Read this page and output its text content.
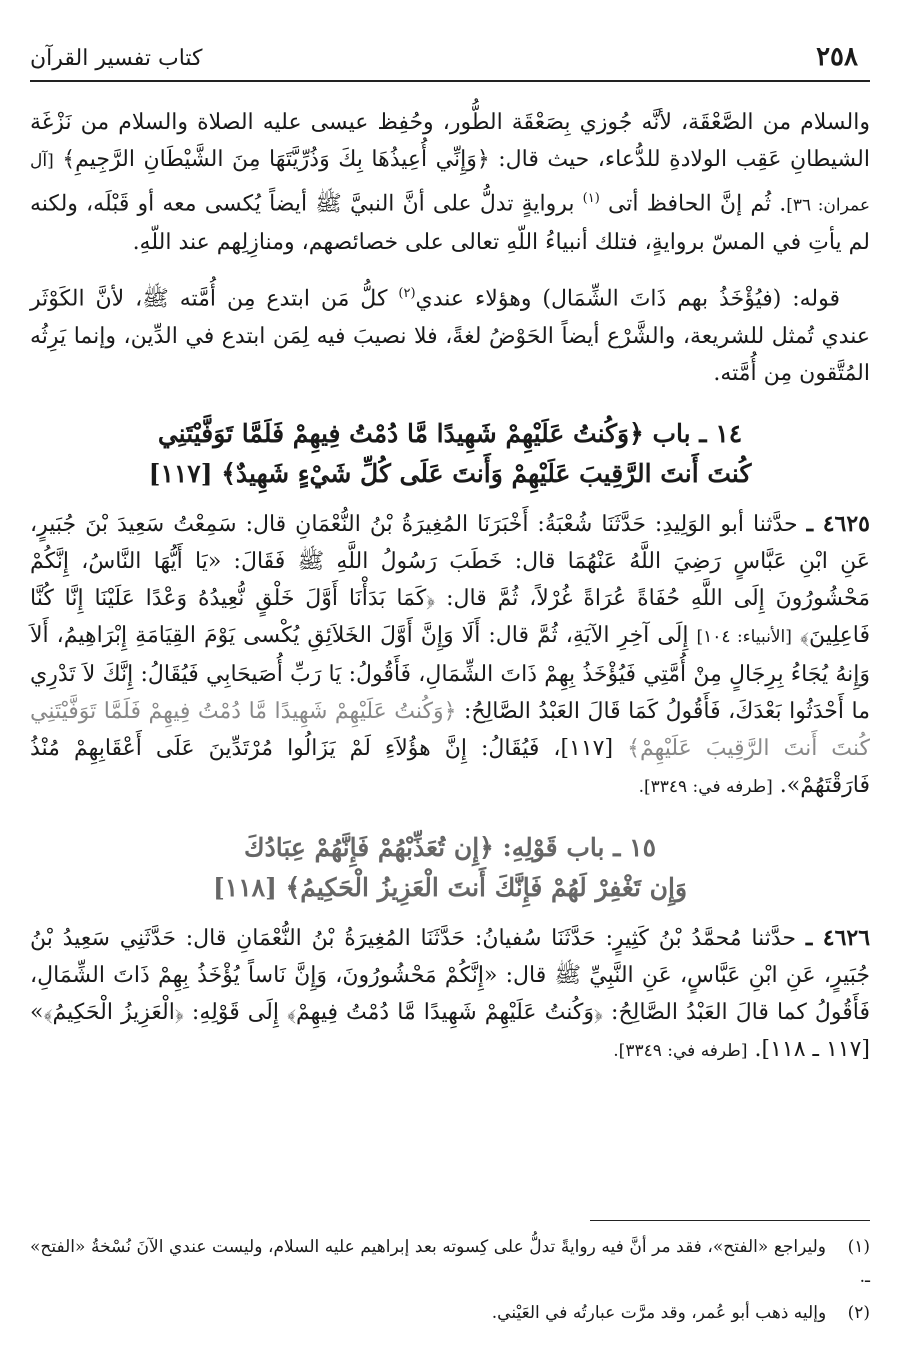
٢٥٨
كتاب تفسير القرآن

والسلام من الصَّعْقَة، لأنَّه جُوزي بِصَعْقَة الطُّور، وحُفِظ عيسى عليه الصلاة والسلام من نَزْغَة الشيطانِ عَقِب الولادةِ للدُّعاء، حيث قال: ﴿وَإِنِّي أُعِيذُهَا بِكَ وَذُرِّيَّتَهَا مِنَ الشَّيْطَانِ الرَّجِيمِ﴾ [آل عمران: ٣٦]. ثُم إنَّ الحافظ أتى $^{(١)}$ بروايةٍ تدلُّ على أنَّ النبيَّ ﷺ أيضاً يُكسى معه أو قَبْلَه، ولكنه لم يأتِ في المسّ بروايةٍ، فتلك أنبياءُ اللّهِ تعالى على خصائصهم، ومنازِلِهم عند اللّهِ.

قوله: (فيُؤْخَذُ بهم ذَاتَ الشِّمَال) وهؤلاء عندي$^{(٢)}$ كلُّ مَن ابتدع مِن أُمَّته ﷺ، لأنَّ الكَوْثَر عندي تُمثل للشريعة، والشَّرْع أيضاً الحَوْضُ لغةً، فلا نصيبَ فيه لِمَن ابتدع في الدِّين، وإنما يَرِثُه المُتَّقون مِن أُمَّته.

١٤ ـ باب ﴿وَكُنتُ عَلَيْهِمْ شَهِيدًا مَّا دُمْتُ فِيهِمْ فَلَمَّا تَوَفَّيْتَنِي
كُنتَ أَنتَ الرَّقِيبَ عَلَيْهِمْ وَأَنتَ عَلَى كُلِّ شَيْءٍ شَهِيدٌ﴾ [١١٧]

٤٦٢٥ ـ حدَّثنا أبو الوَلِيدِ: حَدَّثَنَا شُعْبَةُ: أَخْبَرَنَا المُغِيرَةُ بْنُ النُّعْمَانِ قال: سَمِعْتُ سَعِيدَ بْنَ جُبَيرٍ، عَنِ ابْنِ عَبَّاسٍ رَضِيَ اللَّهُ عَنْهُمَا قال: خَطَبَ رَسُولُ اللَّهِ ﷺ فَقَالَ: «يَا أَيُّهَا النَّاسُ، إِنَّكُمْ مَحْشُورُونَ إِلَى اللَّهِ حُفَاةً عُرَاةً غُرْلاً، ثُمَّ قال: ﴿كَمَا بَدَأْنَا أَوَّلَ خَلْقٍ نُّعِيدُهُ وَعْدًا عَلَيْنَا إِنَّا كُنَّا فَاعِلِينَ﴾ [الأنبياء: ١٠٤] إِلَى آخِرِ الآيَةِ، ثُمَّ قال: أَلَا وَإِنَّ أَوَّلَ الخَلاَئِقِ يُكْسى يَوْمَ القِيَامَةِ إِبْرَاهِيمُ، أَلاَ وَإِنهُ يُجَاءُ بِرِجَالٍ مِنْ أُمَّتِي فَيُؤْخَذُ بِهِمْ ذَاتَ الشِّمَالِ، فَأَقُولُ: يَا رَبِّ أُصَيحَابِي فَيُقَالُ: إِنَّكَ لاَ تَدْرِي ما أَحْدَثُوا بَعْدَكَ، فَأَقُولُ كَمَا قَالَ العَبْدُ الصَّالِحُ: ﴿وَكُنتُ عَلَيْهِمْ شَهِيدًا مَّا دُمْتُ فِيهِمْ فَلَمَّا تَوَفَّيْتَنِي كُنتَ أَنتَ الرَّقِيبَ عَلَيْهِمْ﴾ [١١٧]، فَيُقَالُ: إِنَّ هؤُلاَءِ لَمْ يَزَالُوا مُرْتَدِّينَ عَلَى أَعْقَابِهِمْ مُنْذُ فَارَقْتَهُمْ». [طرفه في: ٣٣٤٩].

١٥ ـ باب قَوْلِهِ: ﴿إِن تُعَذِّبْهُمْ فَإِنَّهُمْ عِبَادُكَ
وَإِن تَغْفِرْ لَهُمْ فَإِنَّكَ أَنتَ الْعَزِيزُ الْحَكِيمُ﴾ [١١٨]

٤٦٢٦ ـ حدَّثنا مُحمَّدُ بْنُ كَثِيرٍ: حَدَّثَنَا سُفيانُ: حَدَّثَنَا المُغِيرَةُ بْنُ النُّعْمَانِ قال: حَدَّثَنِي سَعِيدُ بْنُ جُبَيرٍ، عَنِ ابْنِ عَبَّاسٍ، عَنِ النَّبِيِّ ﷺ قال: «إِنَّكُمْ مَحْشُورُونَ، وَإِنَّ نَاساً يُؤْخَذُ بِهِمْ ذَاتَ الشِّمَالِ، فَأَقُولُ كما قالَ العَبْدُ الصَّالِحُ: ﴿وَكُنتُ عَلَيْهِمْ شَهِيدًا مَّا دُمْتُ فِيهِمْ﴾ إِلَى قَوْلِهِ: ﴿الْعَزِيزُ الْحَكِيمُ﴾» [١١٧ ـ ١١٨]. [طرفه في: ٣٣٤٩].

(١) وليراجع «الفتح»، فقد مر أنَّ فيه روايةً تدلُّ على كِسوته بعد إبراهيم عليه السلام، وليست عندي الآنَ نُسْخةُ «الفتح» ـ.

(٢) وإليه ذهب أبو عُمر، وقد مرَّت عبارتُه في العَيْني.
